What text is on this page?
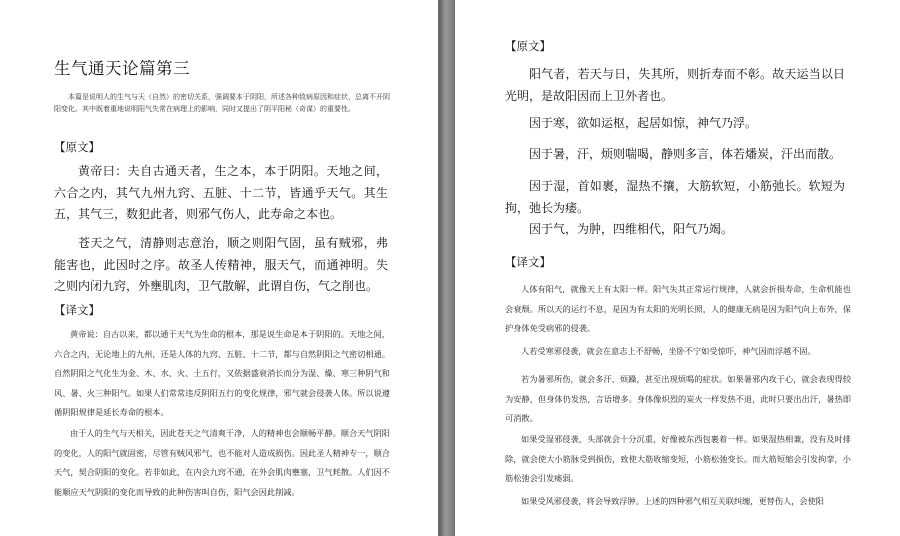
生气通天论篇第三
本篇是说明人的生气与天（自然）的密切关系，强调要本于阴阳，所述各种致病原因和症状，总离不开阴阳变化。其中既着重地说明阳气失常在病理上的影响，同时又提出了阴平阳秘（奇谋）的重要性。
【原文】
黄帝曰：夫自古通天者，生之本，本于阴阳。天地之间，六合之内，其气九州九窍、五脏、十二节，皆通乎天气。其生五，其气三，数犯此者，则邪气伤人，此寿命之本也。
苍天之气，清静则志意治，顺之则阳气固，虽有贼邪，弗能害也，此因时之序。故圣人传精神，服天气，而通神明。失之则内闭九窍，外壅肌肉，卫气散解，此谓自伤，气之削也。
【译文】
黄帝说：自古以来，都以通于天气为生命的根本，那是说生命是本于阴阳的。天地之间，六合之内，无论地上的九州，还是人体的九窍、五脏、十二节，都与自然阴阳之气密切相通。自然阴阳之气化生为金、木、水、火、土五行，又依据盛衰消长而分为湿、燥、寒三种阴气和风、暑、火三种阳气。如果人们常常违反阴阳五行的变化规律，邪气就会侵袭人体。所以说遵循阴阳规律是延长寿命的根本。
由于人的生气与天相关，因此苍天之气清爽干净，人的精神也会顺畅平静。顺合天气阴阳的变化，人的阳气就固密，尽管有贼风邪气，也不能对人造成损伤。因此圣人精神专一，顺合天气，契合阴阳的变化。若非如此，在内会九窍不通，在外会肌肉壅塞，卫气耗散。人们因不能顺应天气阴阳的变化而导致的此种伤害叫自伤，阳气会因此削减。
【原文】
阳气者，若天与日，失其所，则折寿而不彰。故天运当以日光明，是故阳因而上卫外者也。
因于寒，欲如运枢，起居如惊，神气乃浮。
因于暑，汗，烦则喘喝，静则多言，体若燔炭，汗出而散。
因于湿，首如裹，湿热不攘，大筋软短，小筋弛长。软短为拘，弛长为痿。
因于气，为肿，四维相代，阳气乃竭。
【译文】
人体有阳气，就像天上有太阳一样。阳气失其正常运行规律，人就会折损寿命，生命机能也会衰颓。所以天的运行不息，是因为有太阳的光明长照，人的健康无病是因为阳气向上布外，保护身体免受病邪的侵袭。
人若受寒邪侵袭，就会在意志上不舒畅，坐卧不宁如受惊吓，神气因而浮越不固。
若为暑邪所伤，就会多汗、烦躁，甚至出现烦喝的症状。如果暑邪内攻于心，就会表现得较为安静，但身体仍发热，言语增多。身体像炽烈的炭火一样发热不退，此时只要出出汗，暑热即可消散。
如果受湿邪侵袭，头部就会十分沉重，好像被东西包裹着一样。如果湿热相兼，没有及时排除，就会使大小筋脉受到损伤，致使大筋收缩变短，小筋松弛变长。而大筋短缩会引发拘挛，小筋松弛会引发痿弱。
如果受风邪侵袭，将会导致浮肿。上述的四种邪气相互关联纠缠，更替伤人，会使阳
